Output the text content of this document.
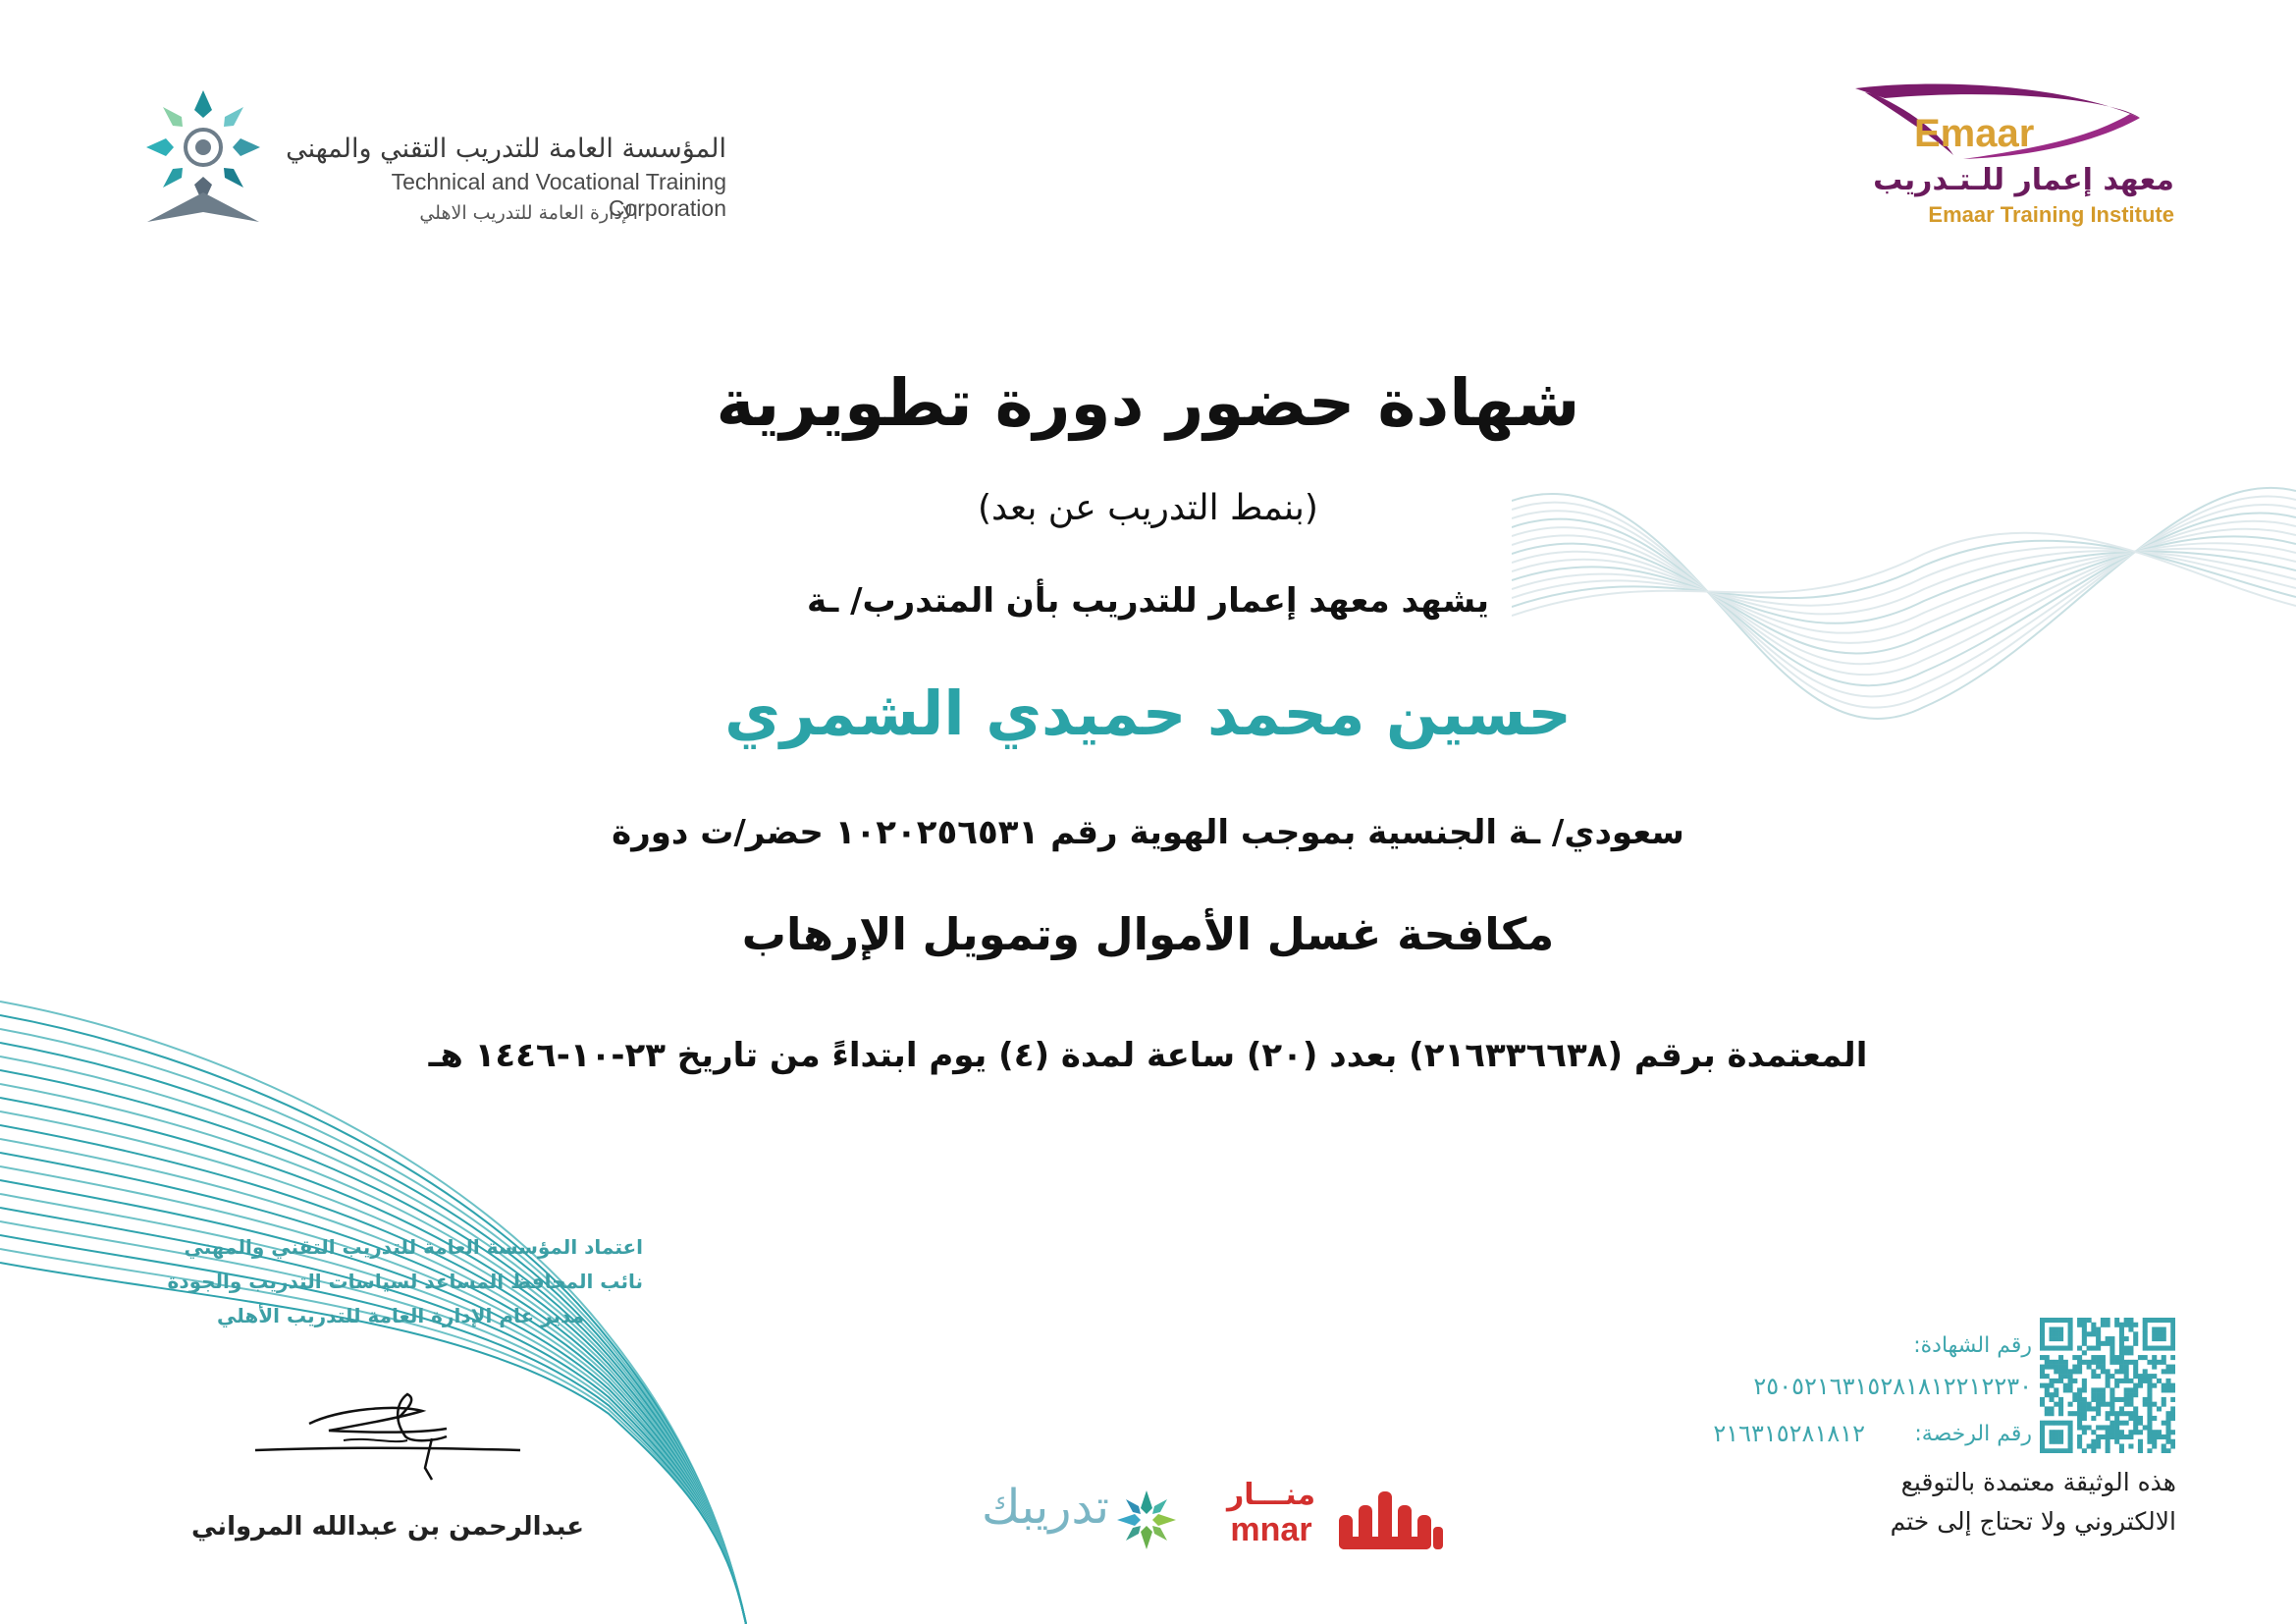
المؤسسة العامة للتدريب التقني والمهني
Technical and Vocational Training Corporation
الإدارة العامة للتدريب الاهلي
Emaar
معهد إعمار للـتـدريب
Emaar Training Institute
شهادة حضور دورة تطويرية
(بنمط التدريب عن بعد)
يشهد معهد إعمار للتدريب بأن المتدرب/ ـة
حسين محمد حميدي الشمري
سعودي/ ـة الجنسية بموجب الهوية رقم ١٠٢٠٢٥٦٥٣١ حضر/ت دورة
مكافحة غسل الأموال وتمويل الإرهاب
المعتمدة برقم (٢١٦٣٣٦٦٣٨) بعدد (٢٠) ساعة لمدة (٤) يوم ابتداءً من تاريخ ٢٣-١٠-١٤٤٦ هـ
اعتماد المؤسسة العامة للتدريب التقني والمهني
نائب المحافظ المساعد لسياسات التدريب والجودة
مدير عام الإدارة العامة للتدريب الأهلي
عبدالرحمن بن عبدالله المرواني	تدريبك	منـــار
mnar
رقم الشهادة:
٢٥٠٥٢١٦٣١٥٢٨١٨١٢٢١٢٢٣٠
رقم الرخصة:
٢١٦٣١٥٢٨١٨١٢
هذه الوثيقة معتمدة بالتوقيع
الالكتروني ولا تحتاج إلى ختم
